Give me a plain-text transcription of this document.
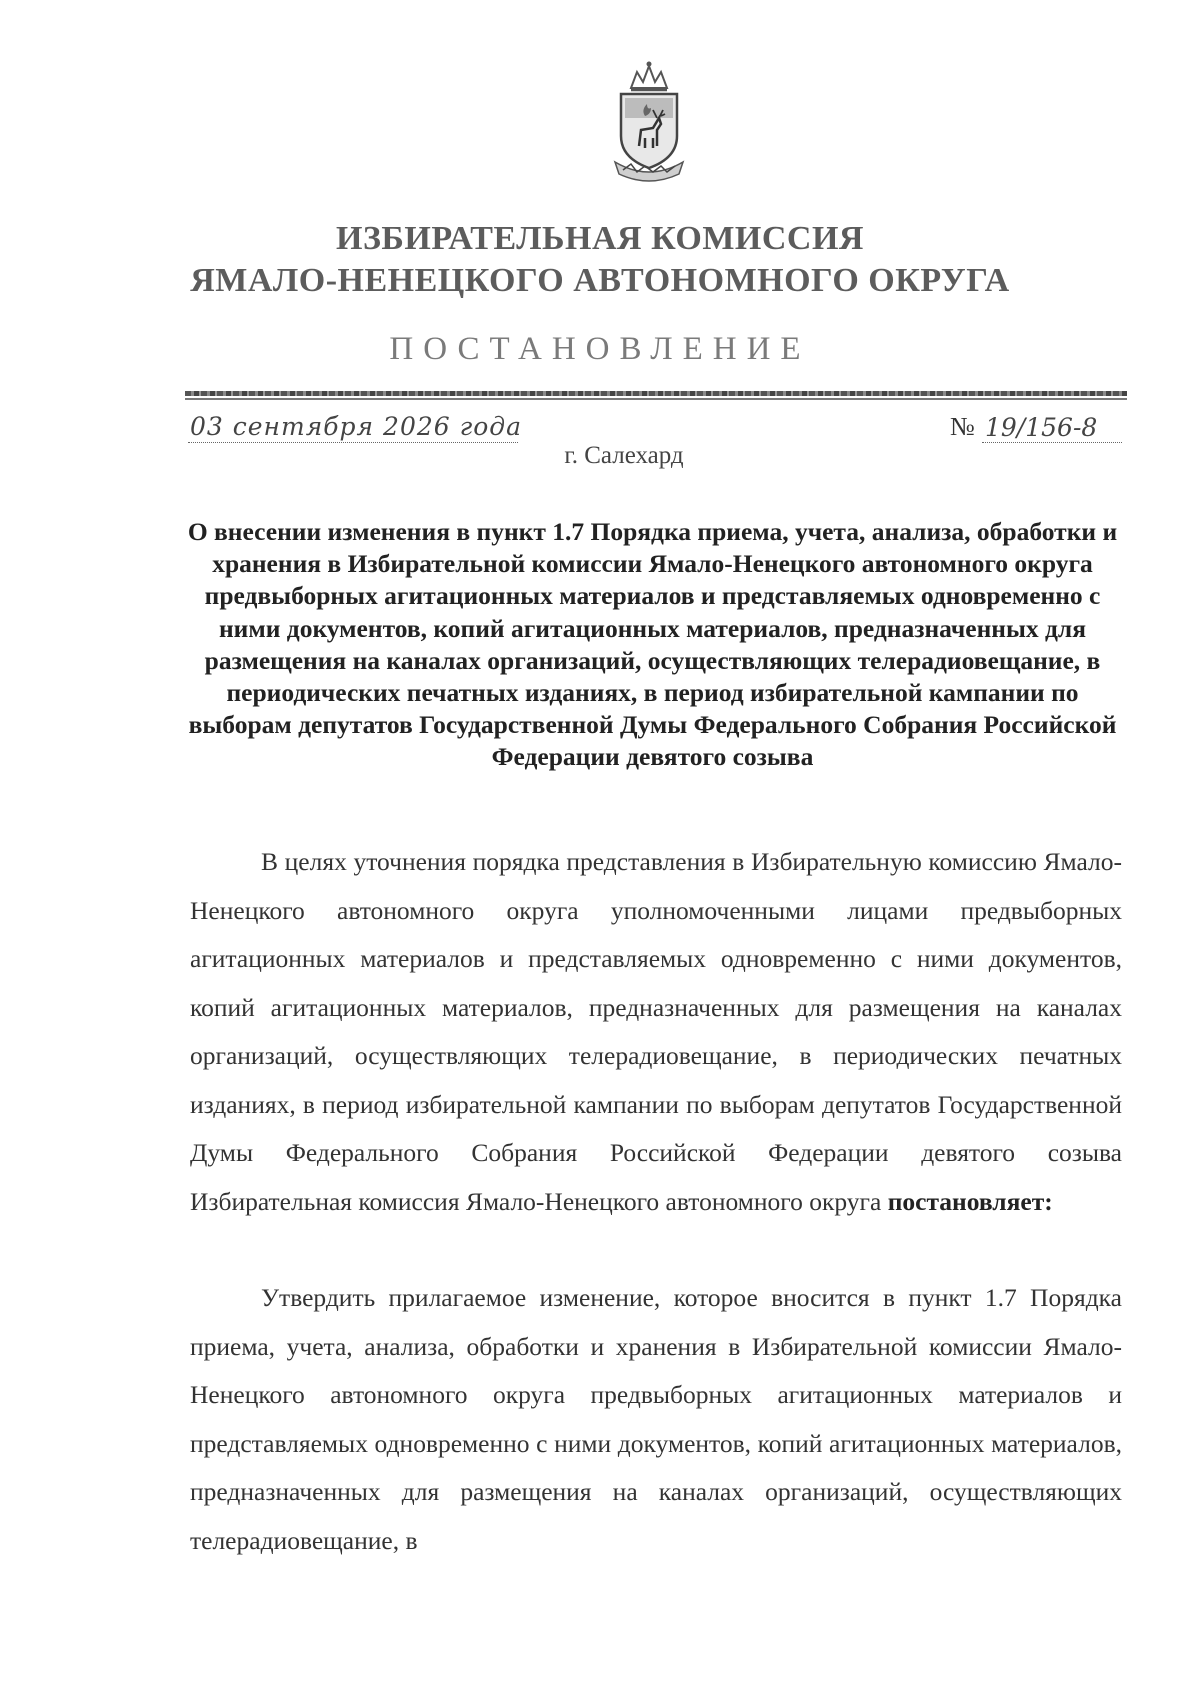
ИЗБИРАТЕЛЬНАЯ КОМИССИЯ
ЯМАЛО-НЕНЕЦКОГО АВТОНОМНОГО ОКРУГА
ПОСТАНОВЛЕНИЕ
03 сентября 2026 года	№ 19/156-8
г. Салехард

О внесении изменения в пункт 1.7 Порядка приема, учета, анализа, обработки и хранения в Избирательной комиссии Ямало-Ненецкого автономного округа предвыборных агитационных материалов и представляемых одновременно с ними документов, копий агитационных материалов, предназначенных для размещения на каналах организаций, осуществляющих телерадиовещание, в периодических печатных изданиях, в период избирательной кампании по выборам депутатов Государственной Думы Федерального Собрания Российской Федерации девятого созыва

В целях уточнения порядка представления в Избирательную комиссию Ямало-Ненецкого автономного округа уполномоченными лицами предвыборных агитационных материалов и представляемых одновременно с ними документов, копий агитационных материалов, предназначенных для размещения на каналах организаций, осуществляющих телерадиовещание, в периодических печатных изданиях, в период избирательной кампании по выборам депутатов Государственной Думы Федерального Собрания Российской Федерации девятого созыва Избирательная комиссия Ямало-Ненецкого автономного округа постановляет:

Утвердить прилагаемое изменение, которое вносится в пункт 1.7 Порядка приема, учета, анализа, обработки и хранения в Избирательной комиссии Ямало-Ненецкого автономного округа предвыборных агитационных материалов и представляемых одновременно с ними документов, копий агитационных материалов, предназначенных для размещения на каналах организаций, осуществляющих телерадиовещание, в
